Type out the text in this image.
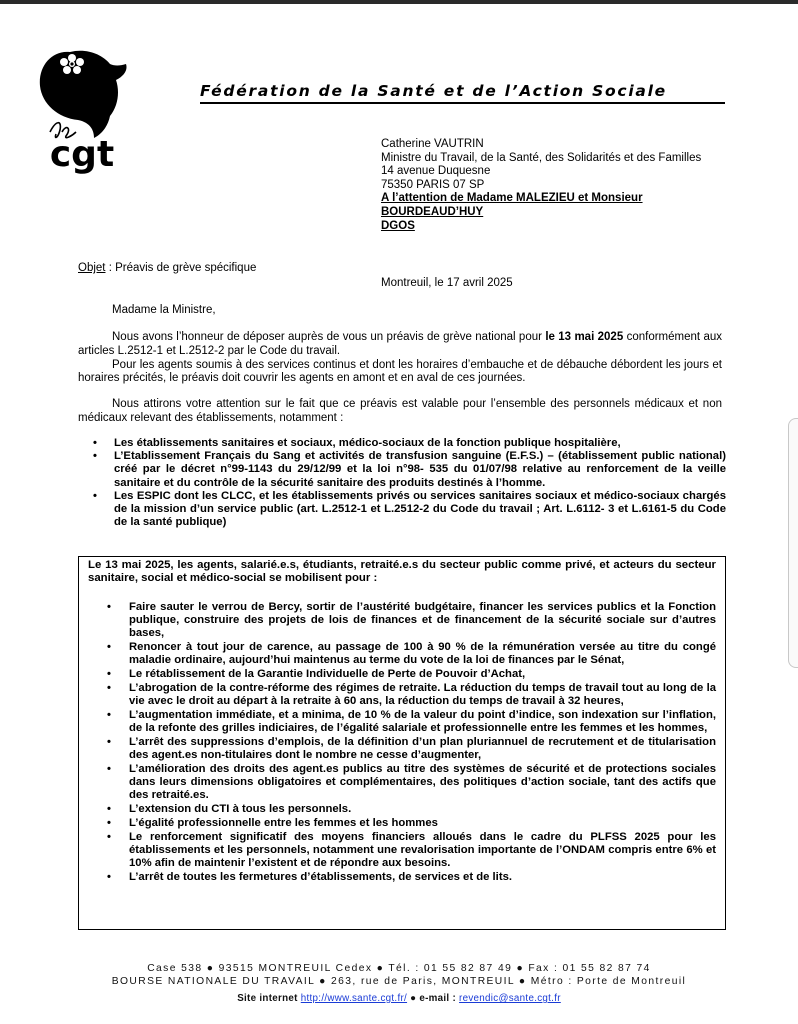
cgt
Fédération de la Santé et de l’Action Sociale
Catherine VAUTRIN
Ministre du Travail, de la Santé, des Solidarités et des Familles
14 avenue Duquesne
75350 PARIS 07 SP
A l’attention de Madame MALEZIEU et Monsieur
BOURDEAUD’HUY
DGOS
Objet : Préavis de grève spécifique
Montreuil, le 17 avril 2025
Madame la Ministre,
Nous avons l’honneur de déposer auprès de vous un préavis de grève national pour le 13 mai 2025 conformément aux articles L.2512-1 et L.2512-2 par le Code du travail.
Pour les agents soumis à des services continus et dont les horaires d’embauche et de débauche débordent les jours et horaires précités, le préavis doit couvrir les agents en amont et en aval de ces journées.
Nous attirons votre attention sur le fait que ce préavis est valable pour l’ensemble des personnels médicaux et non médicaux relevant des établissements, notamment :
• Les établissements sanitaires et sociaux, médico-sociaux de la fonction publique hospitalière,
• L’Etablissement Français du Sang et activités de transfusion sanguine (E.F.S.) – (établissement public national) créé par le décret n°99-1143 du 29/12/99 et la loi n°98- 535 du 01/07/98 relative au renforcement de la veille sanitaire et du contrôle de la sécurité sanitaire des produits destinés à l’homme.
• Les ESPIC dont les CLCC, et les établissements privés ou services sanitaires sociaux et médico-sociaux chargés de la mission d’un service public (art. L.2512-1 et L.2512-2 du Code du travail ; Art. L.6112- 3 et L.6161-5 du Code de la santé publique)
Le 13 mai 2025, les agents, salarié.e.s, étudiants, retraité.e.s du secteur public comme privé, et acteurs du secteur sanitaire, social et médico-social se mobilisent pour :
• Faire sauter le verrou de Bercy, sortir de l’austérité budgétaire, financer les services publics et la Fonction publique, construire des projets de lois de finances et de financement de la sécurité sociale sur d’autres bases,
• Renoncer à tout jour de carence, au passage de 100 à 90 % de la rémunération versée au titre du congé maladie ordinaire, aujourd’hui maintenus au terme du vote de la loi de finances par le Sénat,
• Le rétablissement de la Garantie Individuelle de Perte de Pouvoir d’Achat,
• L’abrogation de la contre-réforme des régimes de retraite. La réduction du temps de travail tout au long de la vie avec le droit au départ à la retraite à 60 ans, la réduction du temps de travail à 32 heures,
• L’augmentation immédiate, et a minima, de 10 % de la valeur du point d’indice, son indexation sur l’inflation, de la refonte des grilles indiciaires, de l’égalité salariale et professionnelle entre les femmes et les hommes,
• L’arrêt des suppressions d’emplois, de la définition d’un plan pluriannuel de recrutement et de titularisation des agent.es non-titulaires dont le nombre ne cesse d’augmenter,
• L’amélioration des droits des agent.es publics au titre des systèmes de sécurité et de protections sociales dans leurs dimensions obligatoires et complémentaires, des politiques d’action sociale, tant des actifs que des retraité.es.
• L’extension du CTI à tous les personnels.
• L’égalité professionnelle entre les femmes et les hommes
• Le renforcement significatif des moyens financiers alloués dans le cadre du PLFSS 2025 pour les établissements et les personnels, notamment une revalorisation importante de l’ONDAM compris entre 6% et 10% afin de maintenir l’existent et de répondre aux besoins.
• L’arrêt de toutes les fermetures d’établissements, de services et de lits.
Case 538 ● 93515 MONTREUIL Cedex ● Tél. : 01 55 82 87 49 ● Fax : 01 55 82 87 74
BOURSE NATIONALE DU TRAVAIL ● 263, rue de Paris, MONTREUIL ● Métro : Porte de Montreuil
Site internet http://www.sante.cgt.fr/ ● e-mail : revendic@sante.cgt.fr
